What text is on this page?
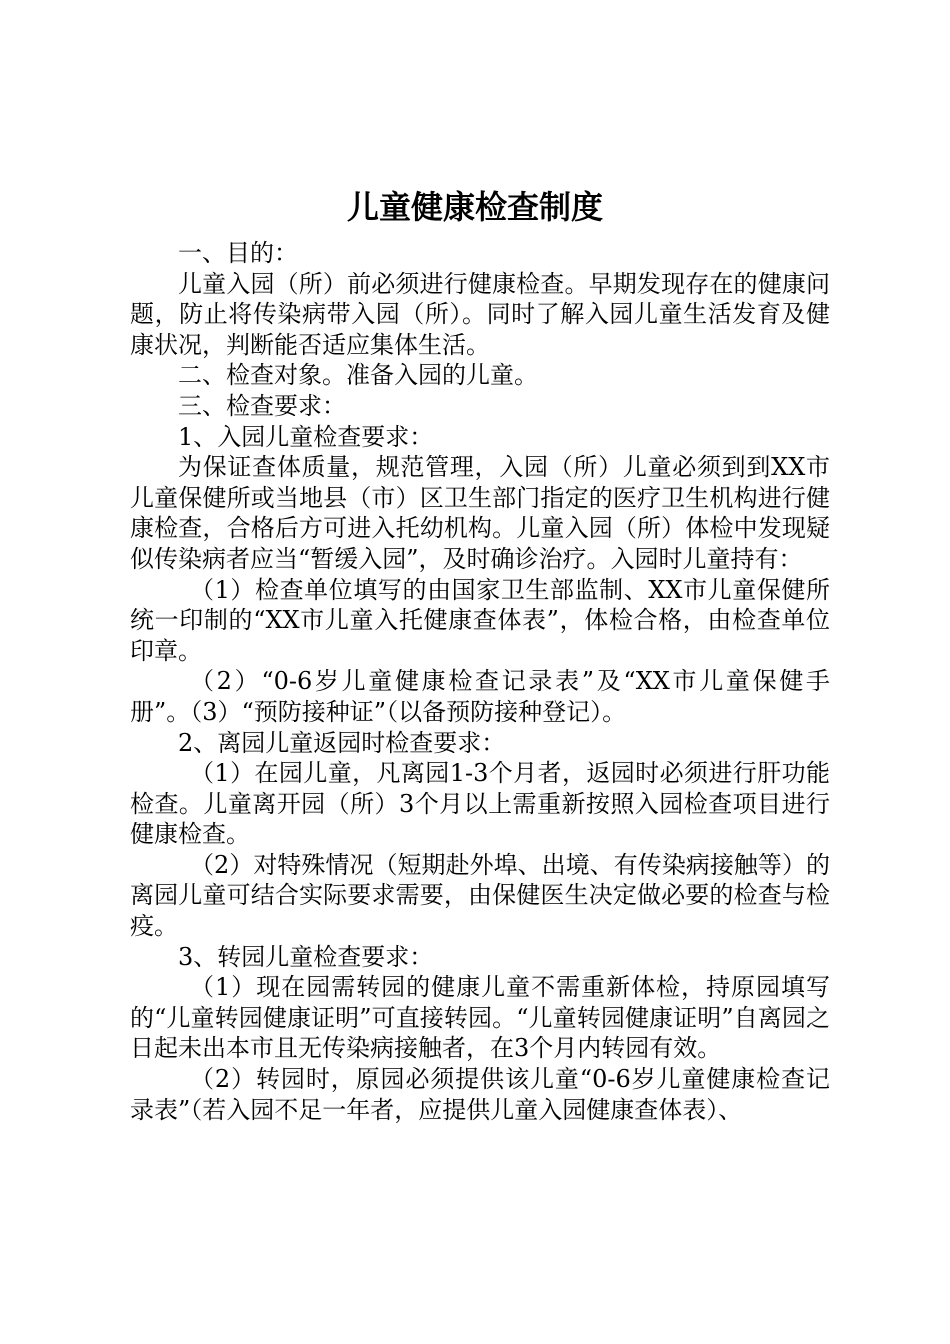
儿童健康检查制度

一、目的：

儿童入园（所）前必须进行健康检查。早期发现存在的健康问题，防止将传染病带入园（所）。同时了解入园儿童生活发育及健康状况，判断能否适应集体生活。

二、检查对象。准备入园的儿童。

三、检查要求：

1、入园儿童检查要求：

为保证查体质量，规范管理，入园（所）儿童必须到到XX市儿童保健所或当地县（市）区卫生部门指定的医疗卫生机构进行健康检查，合格后方可进入托幼机构。儿童入园（所）体检中发现疑似传染病者应当“暂缓入园”，及时确诊治疗。入园时儿童持有：

（1）检查单位填写的由国家卫生部监制、XX市儿童保健所统一印制的“XX市儿童入托健康查体表”，体检合格，由检查单位印章。

（2）“0-6岁儿童健康检查记录表”及“XX市儿童保健手册”。（3）“预防接种证”（以备预防接种登记）。

2、离园儿童返园时检查要求：

（1）在园儿童，凡离园1-3个月者，返园时必须进行肝功能检查。儿童离开园（所）3个月以上需重新按照入园检查项目进行健康检查。

（2）对特殊情况（短期赴外埠、出境、有传染病接触等）的离园儿童可结合实际要求需要，由保健医生决定做必要的检查与检疫。

3、转园儿童检查要求：

（1）现在园需转园的健康儿童不需重新体检，持原园填写的“儿童转园健康证明”可直接转园。“儿童转园健康证明”自离园之日起未出本市且无传染病接触者，在3个月内转园有效。

（2）转园时，原园必须提供该儿童“0-6岁儿童健康检查记录表”（若入园不足一年者，应提供儿童入园健康查体表）、
